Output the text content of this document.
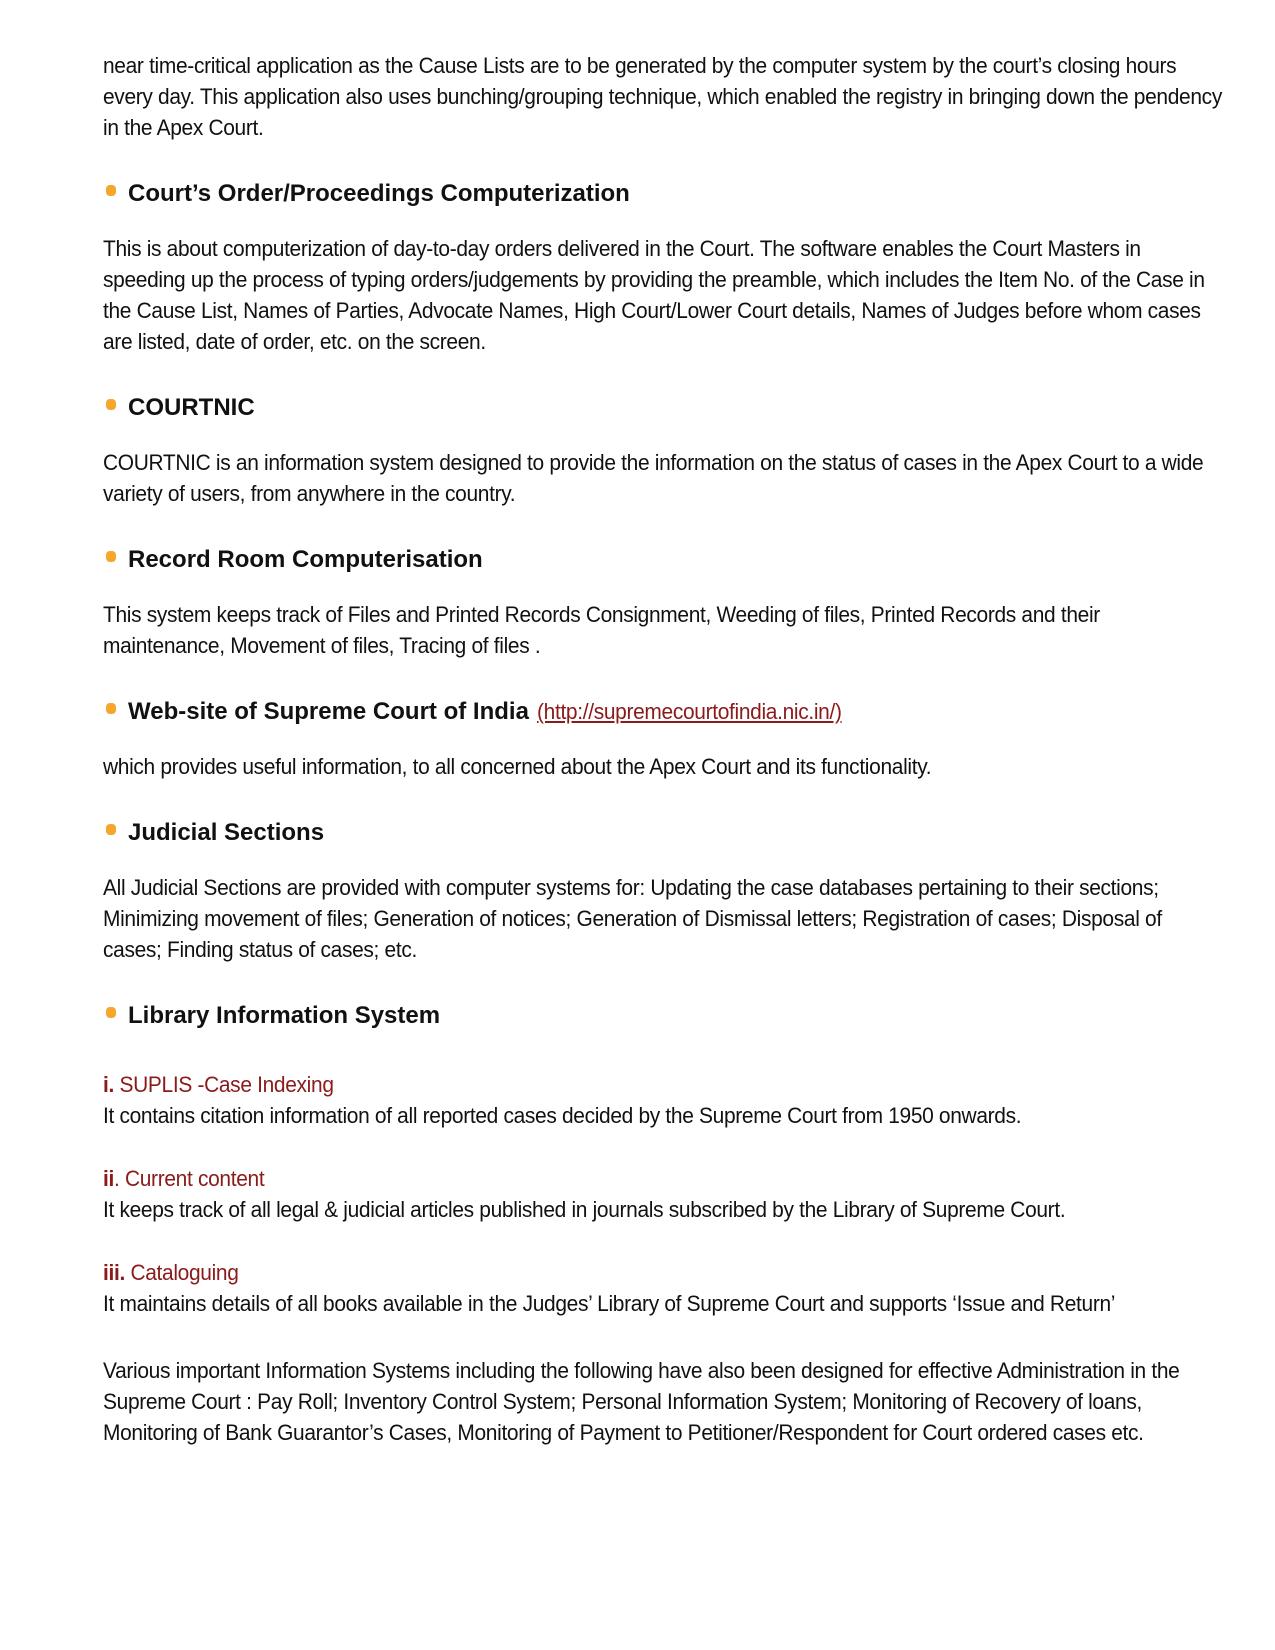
near time-critical application as the Cause Lists are to be generated by the computer system by the court’s closing hours every day. This application also uses bunching/grouping technique, which enabled the registry in bringing down the pendency in the Apex Court.

Court’s Order/Proceedings Computerization

This is about computerization of day-to-day orders delivered in the Court. The software enables the Court Masters in speeding up the process of typing orders/judgements by providing the preamble, which includes the Item No. of the Case in the Cause List, Names of Parties, Advocate Names, High Court/Lower Court details, Names of Judges before whom cases are listed, date of order, etc. on the screen.

COURTNIC

COURTNIC is an information system designed to provide the information on the status of cases in the Apex Court to a wide variety of users, from anywhere in the country.

Record Room Computerisation

This system keeps track of Files and Printed Records Consignment, Weeding of files, Printed Records and their maintenance, Movement of files, Tracing of files .

Web-site of Supreme Court of India (http://supremecourtofindia.nic.in/)

which provides useful information, to all concerned about the Apex Court and its functionality.

Judicial Sections

All Judicial Sections are provided with computer systems for: Updating the case databases pertaining to their sections; Minimizing movement of files; Generation of notices; Generation of Dismissal letters; Registration of cases; Disposal of cases; Finding status of cases; etc.

Library Information System

i. SUPLIS -Case Indexing

It contains citation information of all reported cases decided by the Supreme Court from 1950 onwards.

ii. Current content

It keeps track of all legal & judicial articles published in journals subscribed by the Library of Supreme Court.

iii. Cataloguing

It maintains details of all books available in the Judges’ Library of Supreme Court and supports ‘Issue and Return’

Various important Information Systems including the following have also been designed for effective Administration in the Supreme Court : Pay Roll; Inventory Control System; Personal Information System; Monitoring of Recovery of loans, Monitoring of Bank Guarantor’s Cases, Monitoring of Payment to Petitioner/Respondent for Court ordered cases etc.
